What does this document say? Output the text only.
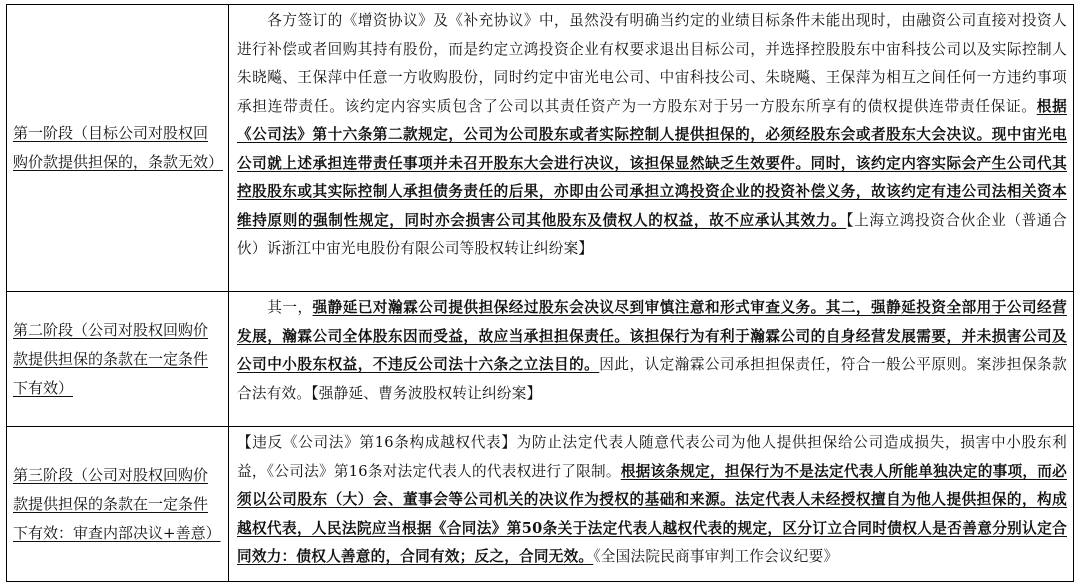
第一阶段（目标公司对股权回购价款提供担保的，条款无效）
各方签订的《增资协议》及《补充协议》中，虽然没有明确当约定的业绩目标条件未能出现时，由融资公司直接对投资人进行补偿或者回购其持有股份，而是约定立鸿投资企业有权要求退出目标公司，并选择控股股东中宙科技公司以及实际控制人朱晓飚、王保萍中任意一方收购股份，同时约定中宙光电公司、中宙科技公司、朱晓飚、王保萍为相互之间任何一方违约事项承担连带责任。该约定内容实质包含了公司以其责任资产为一方股东对于另一方股东所享有的债权提供连带责任保证。根据《公司法》第十六条第二款规定，公司为公司股东或者实际控制人提供担保的，必须经股东会或者股东大会决议。现中宙光电公司就上述承担连带责任事项并未召开股东大会进行决议，该担保显然缺乏生效要件。同时，该约定内容实际会产生公司代其控股股东或其实际控制人承担债务责任的后果，亦即由公司承担立鸿投资企业的投资补偿义务，故该约定有违公司法相关资本维持原则的强制性规定，同时亦会损害公司其他股东及债权人的权益，故不应承认其效力。【上海立鸿投资合伙企业（普通合伙）诉浙江中宙光电股份有限公司等股权转让纠纷案】
第二阶段（公司对股权回购价款提供担保的条款在一定条件下有效）
其一，强静延已对瀚霖公司提供担保经过股东会决议尽到审慎注意和形式审查义务。其二，强静延投资全部用于公司经营发展，瀚霖公司全体股东因而受益，故应当承担担保责任。该担保行为有利于瀚霖公司的自身经营发展需要，并未损害公司及公司中小股东权益，不违反公司法十六条之立法目的。因此，认定瀚霖公司承担担保责任，符合一般公平原则。案涉担保条款合法有效。【强静延、曹务波股权转让纠纷案】
第三阶段（公司对股权回购价款提供担保的条款在一定条件下有效：审查内部决议+善意）
【违反《公司法》第16条构成越权代表】为防止法定代表人随意代表公司为他人提供担保给公司造成损失，损害中小股东利益，《公司法》第16条对法定代表人的代表权进行了限制。根据该条规定，担保行为不是法定代表人所能单独决定的事项，而必须以公司股东（大）会、董事会等公司机关的决议作为授权的基础和来源。法定代表人未经授权擅自为他人提供担保的，构成越权代表，人民法院应当根据《合同法》第50条关于法定代表人越权代表的规定，区分订立合同时债权人是否善意分别认定合同效力：债权人善意的，合同有效；反之，合同无效。《全国法院民商事审判工作会议纪要》
